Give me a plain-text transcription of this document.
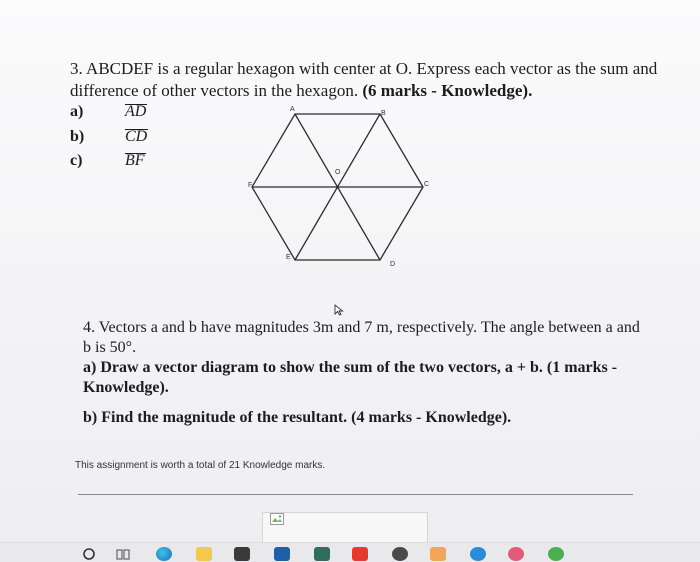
3. ABCDEF is a regular hexagon with center at O. Express each vector as the sum and
difference of other vectors in the hexagon. (6 marks - Knowledge).
a)	AD
b)	CD
c)	BF
A
B
C
D
E
F
O

4. Vectors a and b have magnitudes 3m and 7 m, respectively. The angle between a and

b is 50°.

a) Draw a vector diagram to show the sum of the two vectors, a + b. (1 marks -

Knowledge).

b) Find the magnitude of the resultant. (4 marks - Knowledge).

This assignment is worth a total of 21 Knowledge marks.
